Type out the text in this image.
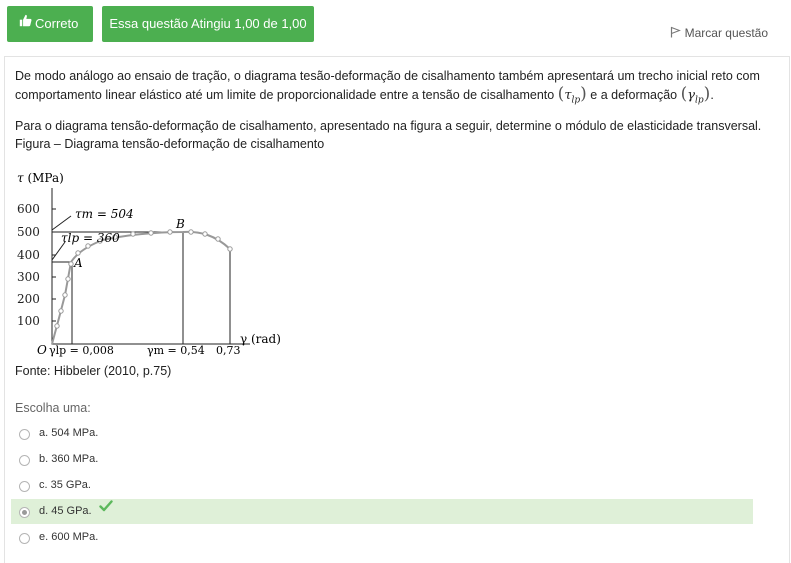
Correto	Essa questão Atingiu 1,00 de 1,00
Marcar questão

De modo análogo ao ensaio de tração, o diagrama tesão-deformação de cisalhamento também apresentará um trecho inicial reto com comportamento linear elástico até um limite de proporcionalidade entre a tensão de cisalhamento $(\tau_{lp})$ e a deformação $(\gamma_{lp})$.

Para o diagrama tensão-deformação de cisalhamento, apresentado na figura a seguir, determine o módulo de elasticidade transversal.

Figura – Diagrama tensão-deformação de cisalhamento

τ (MPa)
600
500
400
300
200
100
τm = 504
τlp = 360
A
B
O γlp = 0,008	γm = 0,54 0,73
γ (rad)
Fonte: Hibbeler (2010, p.75)
Escolha uma:
a. 504 MPa.
b. 360 MPa.
c. 35 GPa.
d. 45 GPa.
e. 600 MPa.
